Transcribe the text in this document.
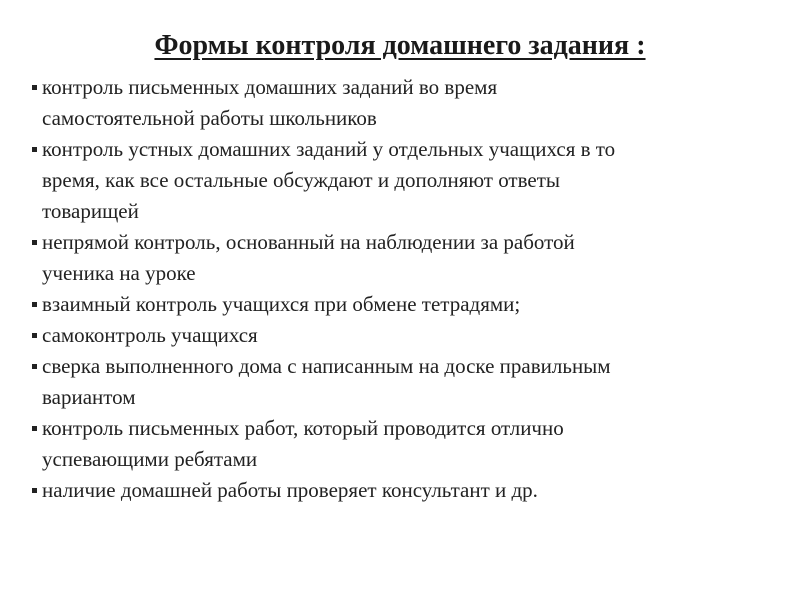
Формы контроля домашнего задания :
контроль письменных домашних заданий во время
самостоятельной работы школьников
контроль устных домашних заданий у отдельных учащихся в то
время, как все остальные обсуждают и дополняют ответы
товарищей
непрямой контроль, основанный на наблюдении за работой
ученика на уроке
взаимный контроль учащихся при обмене тетрадями;
самоконтроль учащихся
сверка выполненного дома с написанным на доске правильным
вариантом
контроль письменных работ, который проводится отлично
успевающими ребятами
наличие домашней работы проверяет консультант и др.
